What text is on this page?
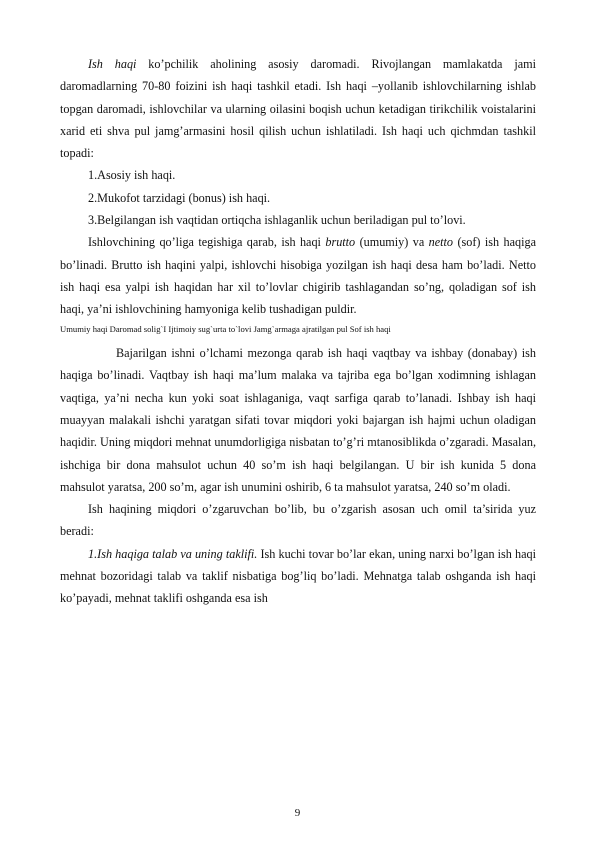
Ish haqi ko’pchilik aholining asosiy daromadi. Rivojlangan mamlakatda jami daromadlarning 70-80 foizini ish haqi tashkil etadi. Ish haqi –yollanib ishlovchilarning ishlab topgan daromadi, ishlovchilar va ularning oilasini boqish uchun ketadigan tirikchilik voistalarini xarid eti shva pul jamg’armasini hosil qilish uchun ishlatiladi. Ish haqi uch qichmdan tashkil topadi:

1.Asosiy ish haqi.

2.Mukofot tarzidagi (bonus) ish haqi.

3.Belgilangan ish vaqtidan ortiqcha ishlaganlik uchun beriladigan pul to’lovi.

Ishlovchining qo’liga tegishiga qarab, ish haqi brutto (umumiy) va netto (sof) ish haqiga bo’linadi. Brutto ish haqini yalpi, ishlovchi hisobiga yozilgan ish haqi desa ham bo’ladi. Netto ish haqi esa yalpi ish haqidan har xil to’lovlar chigirib tashlagandan so’ng, qoladigan sof ish haqi, ya’ni ishlovchining hamyoniga kelib tushadigan puldir.

Umumiy haqi Daromad solig`I Ijtimoiy sug`urta to`lovi Jamg`armaga ajratilgan pul Sof ish haqi

Bajarilgan ishni o’lchami mezonga qarab ish haqi vaqtbay va ishbay (donabay) ish haqiga bo’linadi. Vaqtbay ish haqi ma’lum malaka va tajriba ega bo’lgan xodimning ishlagan vaqtiga, ya’ni necha kun yoki soat ishlaganiga, vaqt sarfiga qarab to’lanadi. Ishbay ish haqi muayyan malakali ishchi yaratgan sifati tovar miqdori yoki bajargan ish hajmi uchun oladigan haqidir. Uning miqdori mehnat unumdorligiga nisbatan to’g’ri mtanosiblikda o’zgaradi. Masalan, ishchiga bir dona mahsulot uchun 40 so’m ish haqi belgilangan. U bir ish kunida 5 dona mahsulot yaratsa, 200 so’m, agar ish unumini oshirib, 6 ta mahsulot yaratsa, 240 so’m oladi.

Ish haqining miqdori o’zgaruvchan bo’lib, bu o’zgarish asosan uch omil ta’sirida yuz beradi:

1.Ish haqiga talab va uning taklifi. Ish kuchi tovar bo’lar ekan, uning narxi bo’lgan ish haqi mehnat bozoridagi talab va taklif nisbatiga bog’liq bo’ladi. Mehnatga talab oshganda ish haqi ko’payadi, mehnat taklifi oshganda esa ish

9
